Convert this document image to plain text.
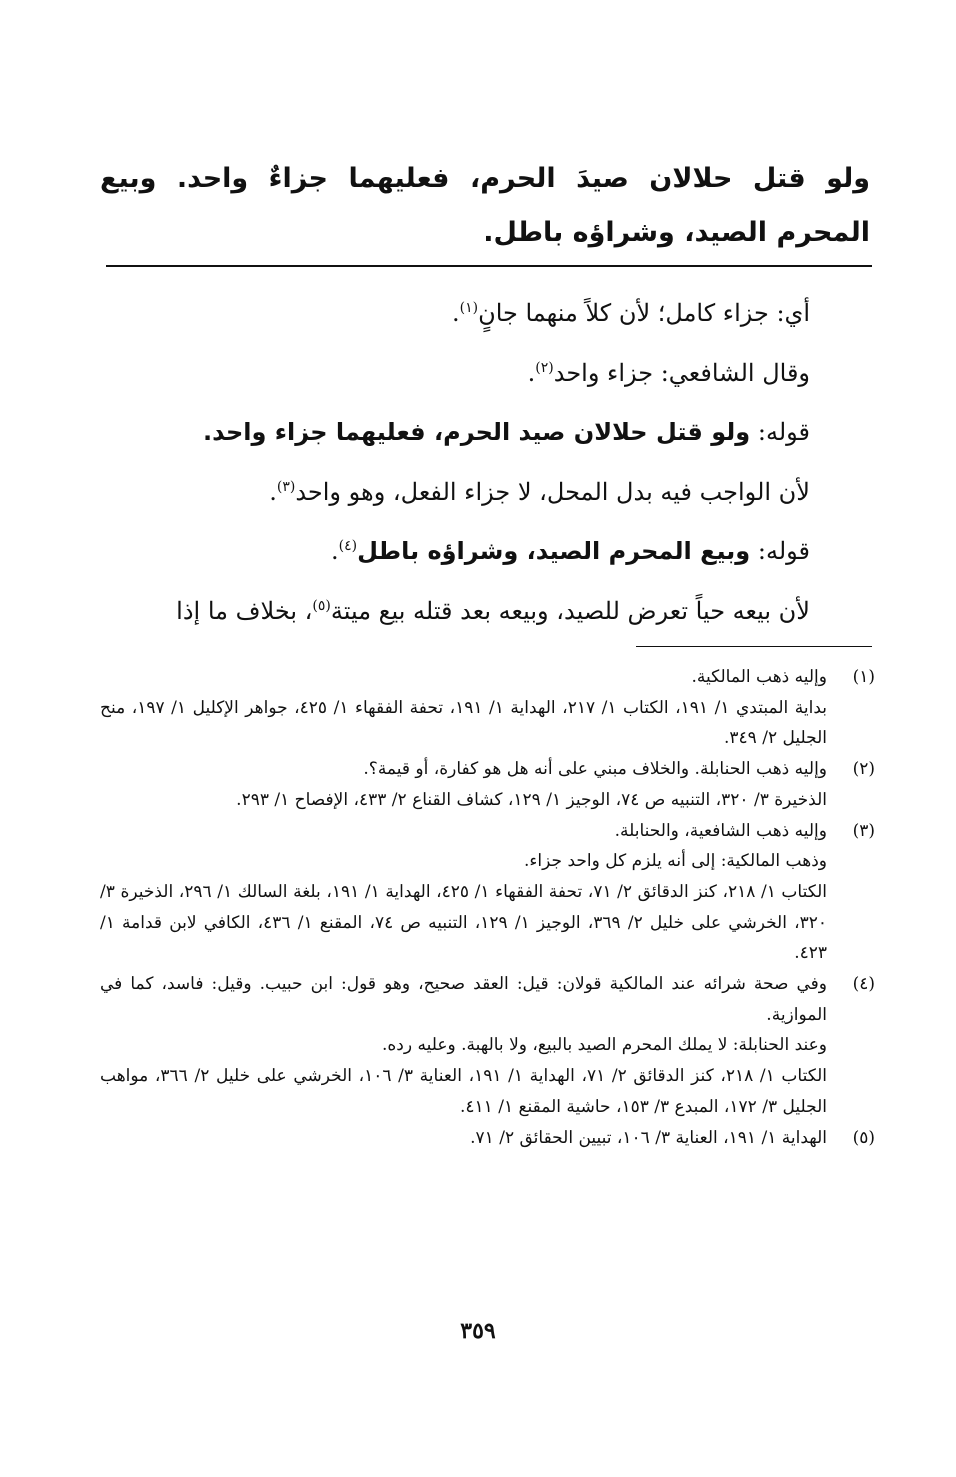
ولو قتل حلالان صيدَ الحرم، فعليهما جزاءٌ واحد. وبيع المحرم الصيد، وشراؤه باطل.

أي: جزاء كامل؛ لأن كلاً منهما جانٍ$^{(١)}$.

وقال الشافعي: جزاء واحد$^{(٢)}$.

قوله: ولو قتل حلالان صيد الحرم، فعليهما جزاء واحد.

لأن الواجب فيه بدل المحل، لا جزاء الفعل، وهو واحد$^{(٣)}$.

قوله: وبيع المحرم الصيد، وشراؤه باطل$^{(٤)}$.

لأن بيعه حياً تعرض للصيد، وبيعه بعد قتله بيع ميتة$^{(٥)}$، بخلاف ما إذا

(١)
وإليه ذهب المالكية.
بداية المبتدي ١/ ١٩١، الكتاب ١/ ٢١٧، الهداية ١/ ١٩١، تحفة الفقهاء ١/ ٤٢٥، جواهر الإكليل ١/ ١٩٧، منح الجليل ٢/ ٣٤٩.
(٢)
وإليه ذهب الحنابلة. والخلاف مبني على أنه هل هو كفارة، أو قيمة؟.
الذخيرة ٣/ ٣٢٠، التنبيه ص ٧٤، الوجيز ١/ ١٢٩، كشاف القناع ٢/ ٤٣٣، الإفصاح ١/ ٢٩٣.
(٣)
وإليه ذهب الشافعية، والحنابلة.
وذهب المالكية: إلى أنه يلزم كل واحد جزاء.
الكتاب ١/ ٢١٨، كنز الدقائق ٢/ ٧١، تحفة الفقهاء ١/ ٤٢٥، الهداية ١/ ١٩١، بلغة السالك ١/ ٢٩٦، الذخيرة ٣/ ٣٢٠، الخرشي على خليل ٢/ ٣٦٩، الوجيز ١/ ١٢٩، التنبيه ص ٧٤، المقنع ١/ ٤٣٦، الكافي لابن قدامة ١/ ٤٢٣.
(٤)
وفي صحة شرائه عند المالكية قولان: قيل: العقد صحيح، وهو قول: ابن حبيب. وقيل: فاسد، كما في الموازية.
وعند الحنابلة: لا يملك المحرم الصيد بالبيع، ولا بالهبة. وعليه رده.
الكتاب ١/ ٢١٨، كنز الدقائق ٢/ ٧١، الهداية ١/ ١٩١، العناية ٣/ ١٠٦، الخرشي على خليل ٢/ ٣٦٦، مواهب الجليل ٣/ ١٧٢، المبدع ٣/ ١٥٣، حاشية المقنع ١/ ٤١١.
(٥)
الهداية ١/ ١٩١، العناية ٣/ ١٠٦، تبيين الحقائق ٢/ ٧١.
٣٥٩
